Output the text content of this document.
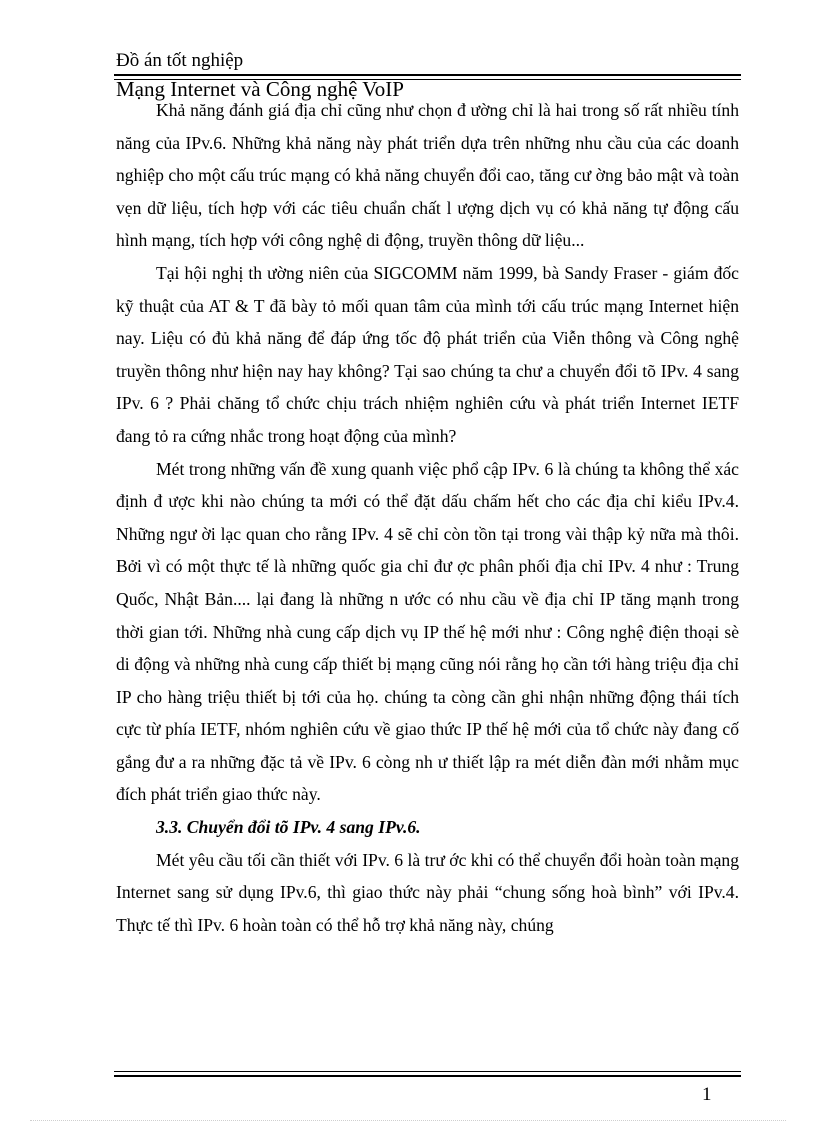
Đồ án tốt nghiệp
Mạng Internet và Công nghệ VoIP

Khả năng đánh giá địa chỉ cũng như chọn đ ường chỉ là hai trong số rất nhiều tính năng của IPv.6. Những khả năng này phát triển dựa trên những nhu cầu của các doanh nghiệp cho một cấu trúc mạng có khả năng chuyển đổi cao, tăng cư ờng bảo mật và toàn vẹn dữ liệu, tích hợp với các tiêu chuẩn chất l ượng dịch vụ có khả năng tự động cấu hình mạng, tích hợp với công nghệ di động, truyền thông dữ liệu...

Tại hội nghị th ường niên của SIGCOMM năm 1999, bà Sandy Fraser - giám đốc kỹ thuật của AT & T đã bày tỏ mối quan tâm của mình tới cấu trúc mạng Internet hiện nay. Liệu có đủ khả năng để đáp ứng tốc độ phát triển của Viễn thông và Công nghệ truyền thông như hiện nay hay không? Tại sao chúng ta chư a chuyển đổi tõ IPv. 4 sang IPv. 6 ? Phải chăng tổ chức chịu trách nhiệm nghiên cứu và phát triển Internet IETF đang tỏ ra cứng nhắc trong hoạt động của mình?

Mét trong những vấn đề xung quanh việc phổ cập IPv. 6 là chúng ta không thể xác định đ ược khi nào chúng ta mới có thể đặt dấu chấm hết cho các địa chỉ kiểu IPv.4. Những ngư ời lạc quan cho rằng IPv. 4 sẽ chỉ còn tồn tại trong vài thập kỷ nữa mà thôi. Bởi vì có một thực tế là những quốc gia chỉ đư ợc phân phối địa chỉ IPv. 4 như : Trung Quốc, Nhật Bản.... lại đang là những n ước có nhu cầu về địa chỉ IP tăng mạnh trong thời gian tới. Những nhà cung cấp dịch vụ IP thế hệ mới như : Công nghệ điện thoại sè di động và những nhà cung cấp thiết bị mạng cũng nói rằng họ cần tới hàng triệu địa chỉ IP cho hàng triệu thiết bị tới của họ. chúng ta còng cần ghi nhận những động thái tích cực từ phía IETF, nhóm nghiên cứu về giao thức IP thế hệ mới của tổ chức này đang cố gắng đư a ra những đặc tả về IPv. 6 còng nh ư thiết lập ra mét diễn đàn mới nhằm mục đích phát triển giao thức này.

3.3. Chuyển đổi tõ IPv. 4 sang IPv.6.

Mét yêu cầu tối cần thiết với IPv. 6 là trư ớc khi có thể chuyển đổi hoàn toàn mạng Internet sang sử dụng IPv.6, thì giao thức này phải “chung sống hoà bình” với IPv.4. Thực tế thì IPv. 6 hoàn toàn có thể hỗ trợ khả năng này, chúng

1
